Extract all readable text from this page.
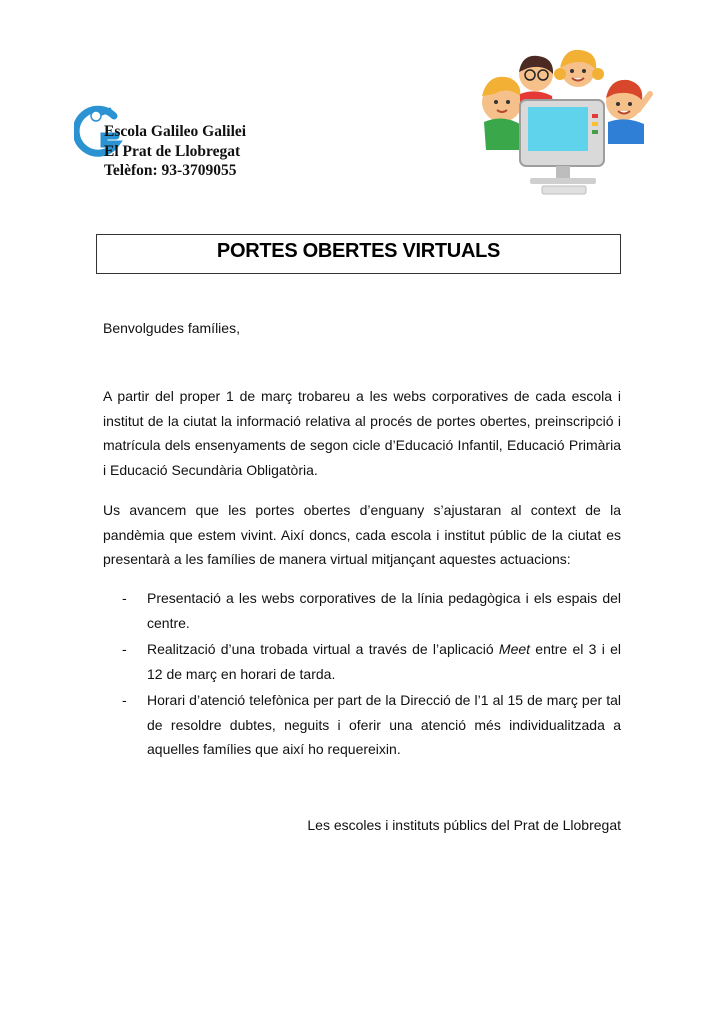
Escola Galileo Galilei
El Prat de Llobregat
Telèfon: 93-3709055
PORTES OBERTES VIRTUALS
Benvolgudes famílies,
A partir del proper 1 de març trobareu a les webs corporatives de cada escola i institut de la ciutat la informació relativa al procés de portes obertes, preinscripció i matrícula dels ensenyaments de segon cicle d’Educació Infantil, Educació Primària i Educació Secundària Obligatòria.
Us avancem que les portes obertes d’enguany s’ajustaran al context de la pandèmia que estem vivint. Així doncs, cada escola i institut públic de la ciutat es presentarà a les famílies de manera virtual mitjançant aquestes actuacions:
- Presentació a les webs corporatives de la línia pedagògica i els espais del centre.
- Realització d’una trobada virtual a través de l’aplicació Meet entre el 3 i el 12 de març en horari de tarda.
- Horari d’atenció telefònica per part de la Direcció de l’1 al 15 de març per tal de resoldre dubtes, neguits i oferir una atenció més individualitzada a aquelles famílies que així ho requereixin.
Les escoles i instituts públics del Prat de Llobregat
